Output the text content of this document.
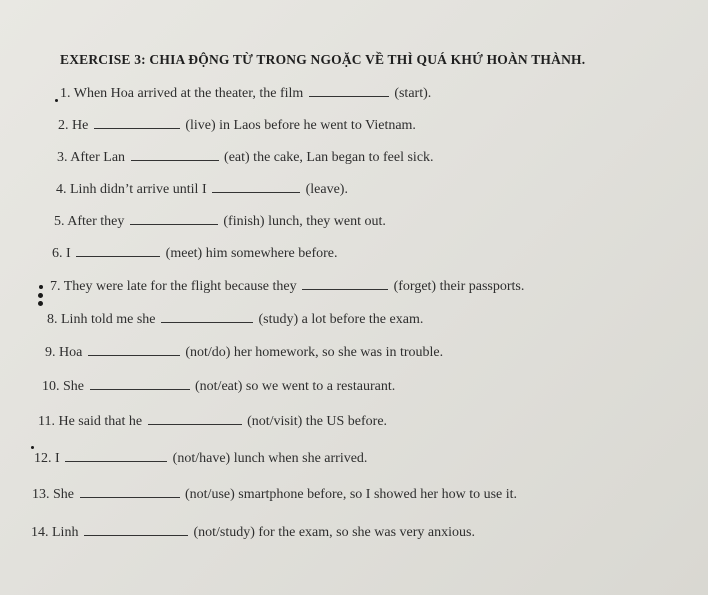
EXERCISE 3: CHIA ĐỘNG TỪ TRONG NGOẶC VỀ THÌ QUÁ KHỨ HOÀN THÀNH.
1. When Hoa arrived at the theater, the film	(start).
2. He	(live) in Laos before he went to Vietnam.
3. After Lan	(eat) the cake, Lan began to feel sick.
4. Linh didn’t arrive until I	(leave).
5. After they	(finish) lunch, they went out.
6. I	(meet) him somewhere before.
7. They were late for the flight because they	(forget) their passports.
8. Linh told me she	(study) a lot before the exam.
9. Hoa	(not/do) her homework, so she was in trouble.
10. She	(not/eat) so we went to a restaurant.
11. He said that he	(not/visit) the US before.
12. I	(not/have) lunch when she arrived.
13. She	(not/use) smartphone before, so I showed her how to use it.
14. Linh	(not/study) for the exam, so she was very anxious.
